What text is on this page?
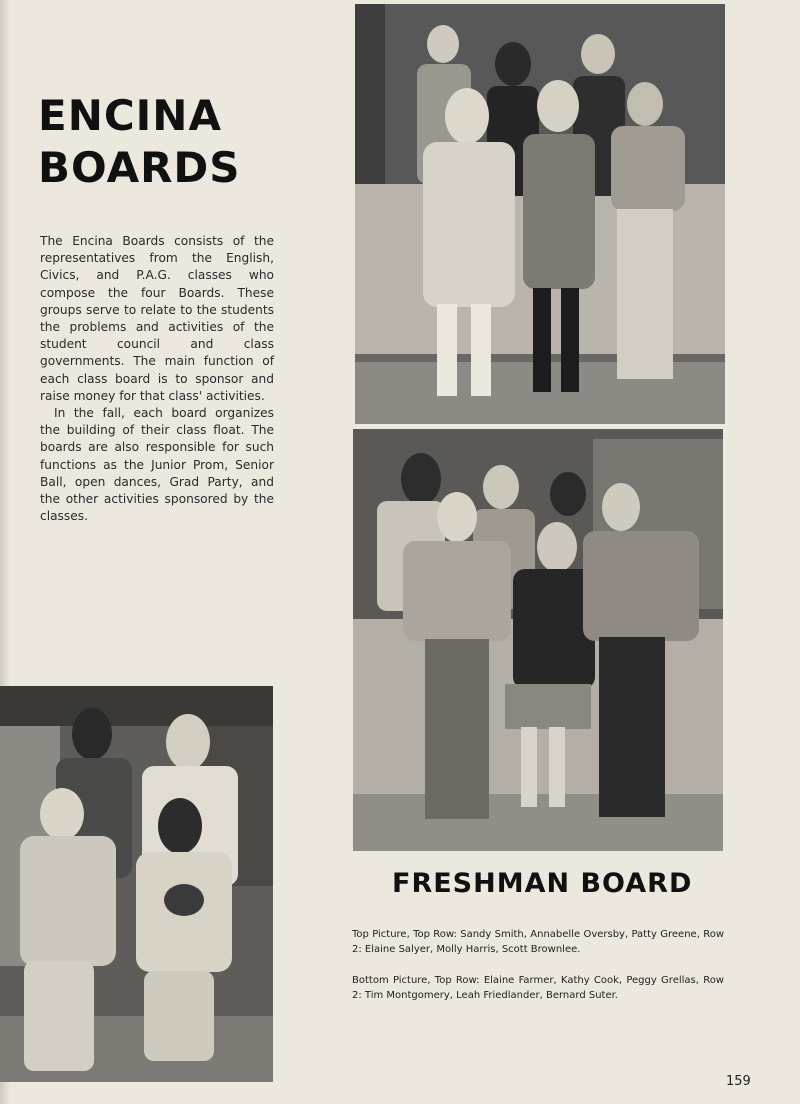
ENCINA
BOARDS

The Encina Boards consists of the representatives from the English, Civics, and P.A.G. classes who compose the four Boards. These groups serve to relate to the students the problems and activities of the student council and class governments. The main function of each class board is to sponsor and raise money for that class' activities.

In the fall, each board organizes the building of their class float. The boards are also responsible for such functions as the Junior Prom, Senior Ball, open dances, Grad Party, and the other activities sponsored by the classes.

FRESHMAN BOARD
Top Picture, Top Row: Sandy Smith, Annabelle Oversby, Patty Greene, Row 2: Elaine Salyer, Molly Harris, Scott Brownlee.
Bottom Picture, Top Row: Elaine Farmer, Kathy Cook, Peggy Grellas, Row 2: Tim Montgomery, Leah Friedlander, Bernard Suter.
159
